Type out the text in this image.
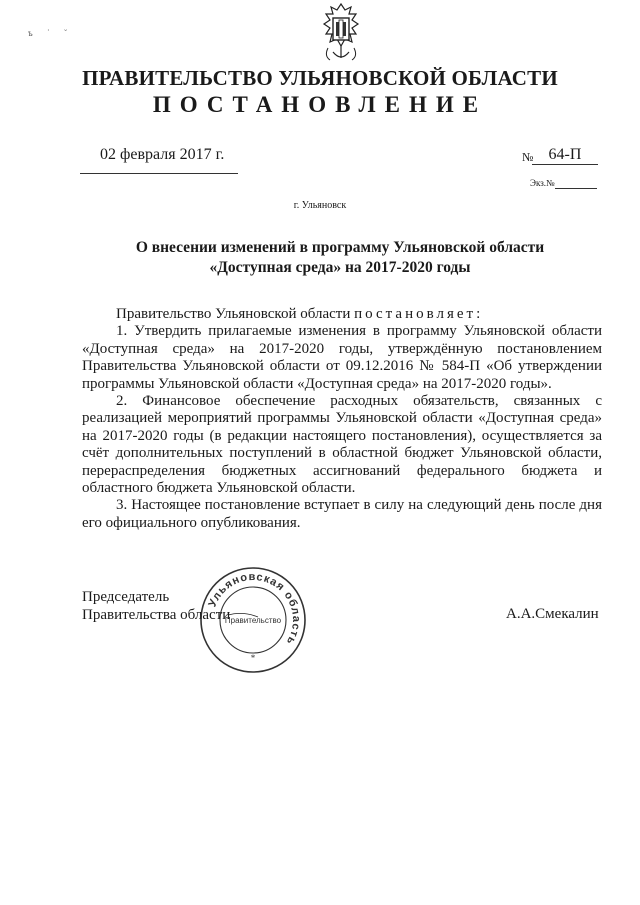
ъ ˙ ˘
ПРАВИТЕЛЬСТВО УЛЬЯНОВСКОЙ ОБЛАСТИ
ПОСТАНОВЛЕНИЕ
02 февраля 2017 г.	№ 64-П
Экз.№
г. Ульяновск
О внесении изменений в программу Ульяновской области
«Доступная среда» на 2017-2020 годы

Правительство Ульяновской области постановляет:

1. Утвердить прилагаемые изменения в программу Ульяновской области «Доступная среда» на 2017-2020 годы, утверждённую постановлением Правительства Ульяновской области от 09.12.2016 № 584-П «Об утверждении программы Ульяновской области «Доступная среда» на 2017-2020 годы».

2. Финансовое обеспечение расходных обязательств, связанных с реализацией мероприятий программы Ульяновской области «Доступная среда» на 2017-2020 годы (в редакции настоящего постановления), осуществляется за счёт дополнительных поступлений в областной бюджет Ульяновской области, перераспределения бюджетных ассигнований федерального бюджета и областного бюджета Ульяновской области.

3. Настоящее постановление вступает в силу на следующий день после дня его официального опубликования.

Председатель
Правительства области	А.А.Смекалин
Ульяновская область
Правительство
*
